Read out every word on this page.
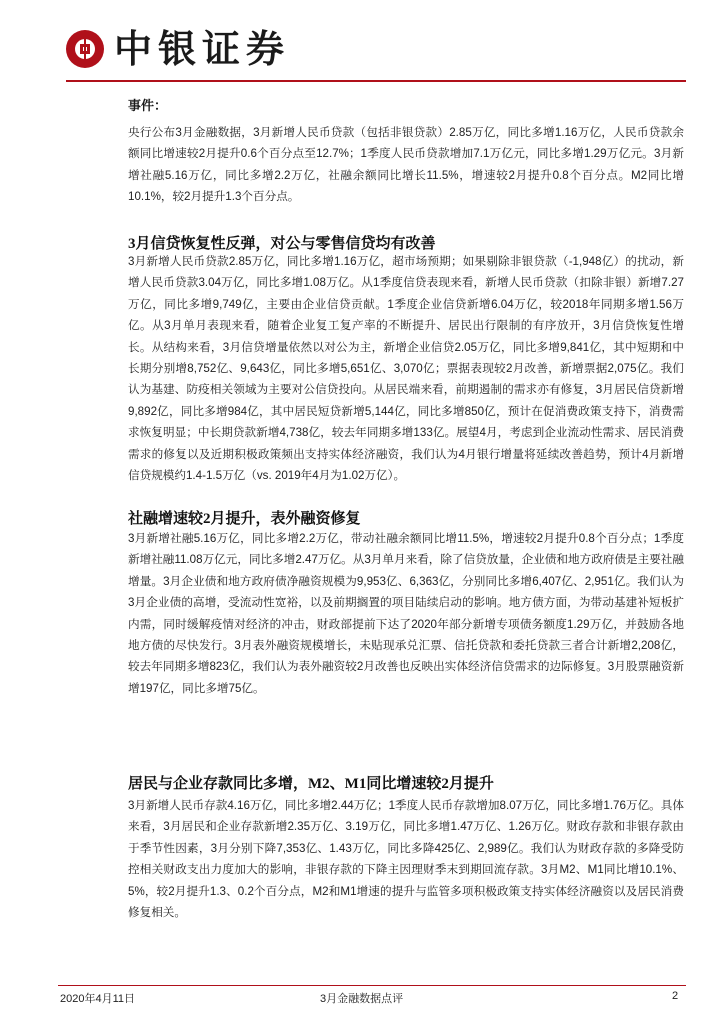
中银证券
事件：
央行公布3月金融数据，3月新增人民币贷款（包括非银贷款）2.85万亿，同比多增1.16万亿，人民币贷款余额同比增速较2月提升0.6个百分点至12.7%；1季度人民币贷款增加7.1万亿元，同比多增1.29万亿元。3月新增社融5.16万亿，同比多增2.2万亿，社融余额同比增长11.5%，增速较2月提升0.8个百分点。M2同比增10.1%，较2月提升1.3个百分点。
3月信贷恢复性反弹，对公与零售信贷均有改善
3月新增人民币贷款2.85万亿，同比多增1.16万亿，超市场预期；如果剔除非银贷款（-1,948亿）的扰动，新增人民币贷款3.04万亿，同比多增1.08万亿。从1季度信贷表现来看，新增人民币贷款（扣除非银）新增7.27万亿，同比多增9,749亿，主要由企业信贷贡献。1季度企业信贷新增6.04万亿，较2018年同期多增1.56万亿。从3月单月表现来看，随着企业复工复产率的不断提升、居民出行限制的有序放开，3月信贷恢复性增长。从结构来看，3月信贷增量依然以对公为主，新增企业信贷2.05万亿，同比多增9,841亿，其中短期和中长期分别增8,752亿、9,643亿，同比多增5,651亿、3,070亿；票据表现较2月改善，新增票据2,075亿。我们认为基建、防疫相关领域为主要对公信贷投向。从居民端来看，前期遏制的需求亦有修复，3月居民信贷新增9,892亿，同比多增984亿，其中居民短贷新增5,144亿，同比多增850亿，预计在促消费政策支持下，消费需求恢复明显；中长期贷款新增4,738亿，较去年同期多增133亿。展望4月，考虑到企业流动性需求、居民消费需求的修复以及近期积极政策频出支持实体经济融资，我们认为4月银行增量将延续改善趋势，预计4月新增信贷规模约1.4-1.5万亿（vs. 2019年4月为1.02万亿）。
社融增速较2月提升，表外融资修复
3月新增社融5.16万亿，同比多增2.2万亿，带动社融余额同比增11.5%，增速较2月提升0.8个百分点；1季度新增社融11.08万亿元，同比多增2.47万亿。从3月单月来看，除了信贷放量，企业债和地方政府债是主要社融增量。3月企业债和地方政府债净融资规模为9,953亿、6,363亿，分别同比多增6,407亿、2,951亿。我们认为3月企业债的高增，受流动性宽裕，以及前期搁置的项目陆续启动的影响。地方债方面，为带动基建补短板扩内需，同时缓解疫情对经济的冲击，财政部提前下达了2020年部分新增专项债务额度1.29万亿，并鼓励各地地方债的尽快发行。3月表外融资规模增长，未贴现承兑汇票、信托贷款和委托贷款三者合计新增2,208亿，较去年同期多增823亿，我们认为表外融资较2月改善也反映出实体经济信贷需求的边际修复。3月股票融资新增197亿，同比多增75亿。
居民与企业存款同比多增，M2、M1同比增速较2月提升
3月新增人民币存款4.16万亿，同比多增2.44万亿；1季度人民币存款增加8.07万亿，同比多增1.76万亿。具体来看，3月居民和企业存款新增2.35万亿、3.19万亿，同比多增1.47万亿、1.26万亿。财政存款和非银存款由于季节性因素，3月分别下降7,353亿、1.43万亿，同比多降425亿、2,989亿。我们认为财政存款的多降受防控相关财政支出力度加大的影响，非银存款的下降主因理财季末到期回流存款。3月M2、M1同比增10.1%、5%，较2月提升1.3、0.2个百分点，M2和M1增速的提升与监管多项积极政策支持实体经济融资以及居民消费修复相关。
2020年4月11日	3月金融数据点评	2
